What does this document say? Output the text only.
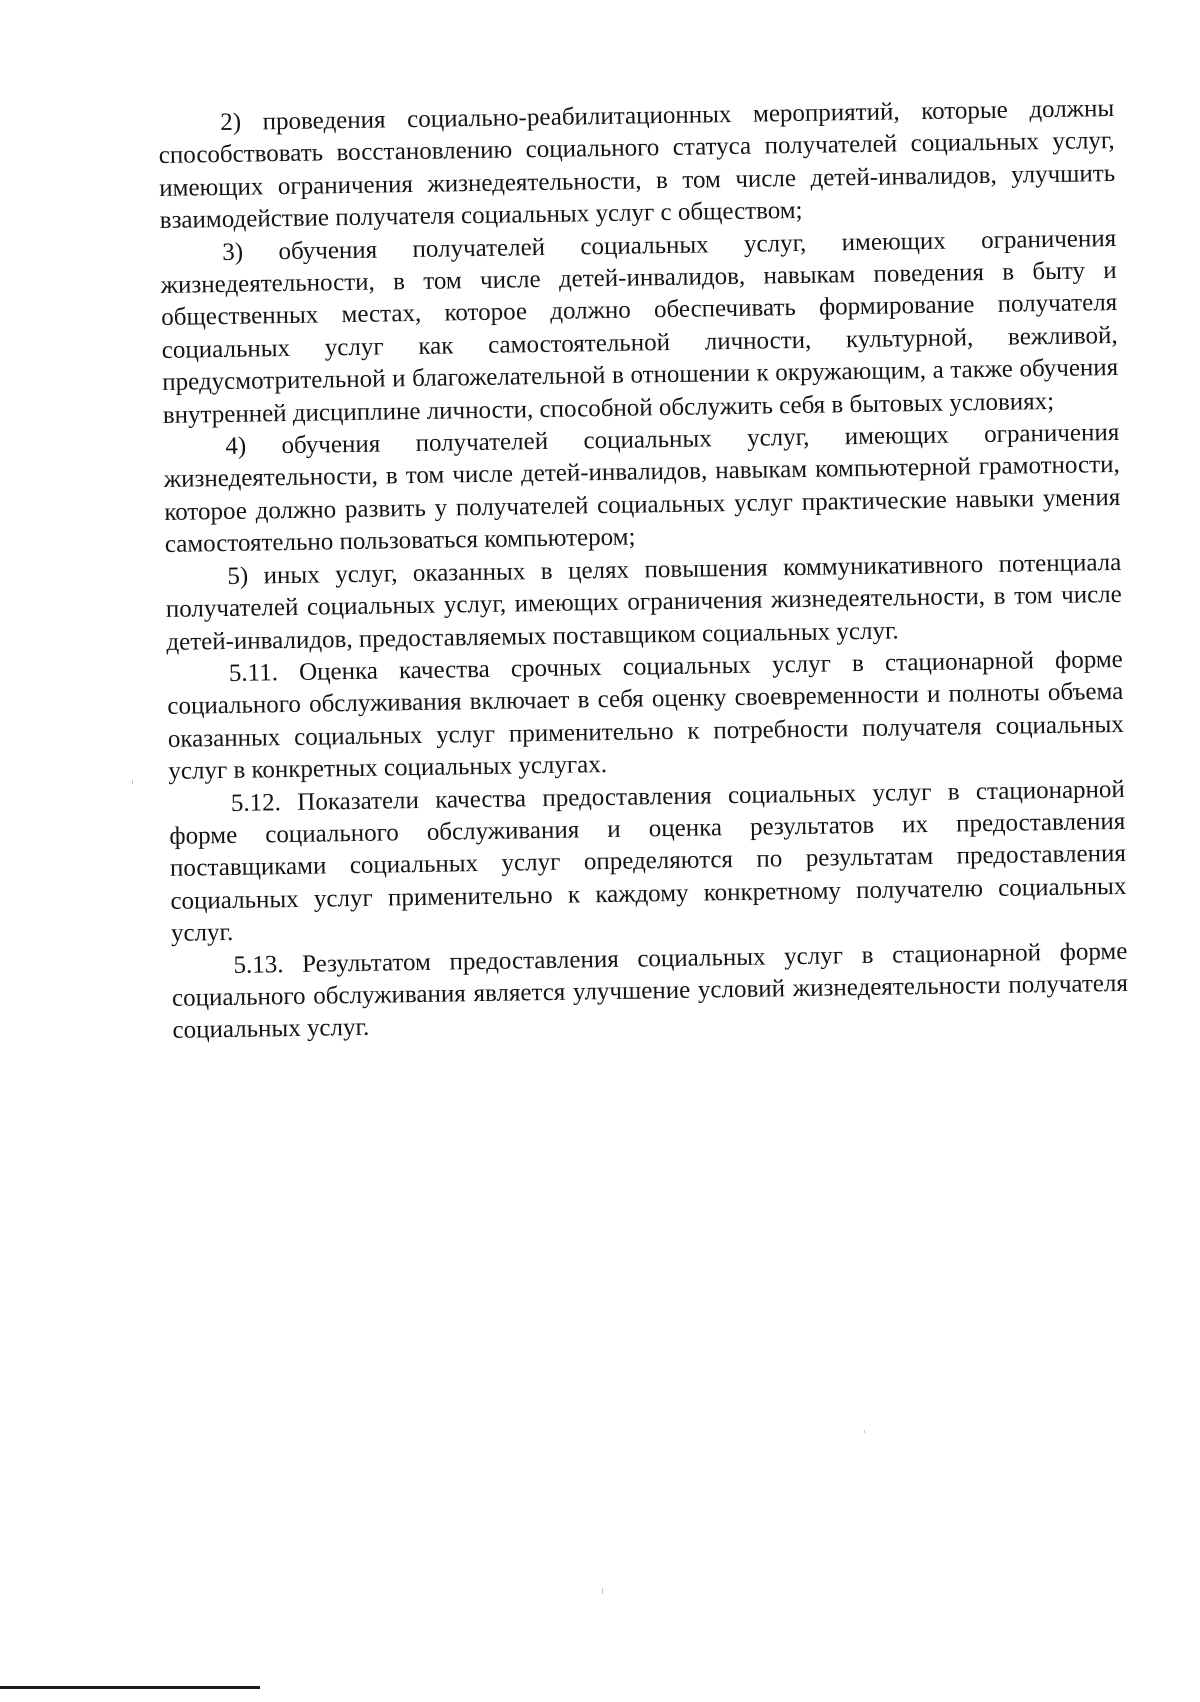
2) проведения социально-реабилитационных мероприятий, которые должны способствовать восстановлению социального статуса получателей социальных услуг, имеющих ограничения жизнедеятельности, в том числе детей-инвалидов, улучшить взаимодействие получателя социальных услуг с обществом;

3) обучения получателей социальных услуг, имеющих ограничения жизнедеятельности, в том числе детей-инвалидов, навыкам поведения в быту и общественных местах, которое должно обеспечивать формирование получателя социальных услуг как самостоятельной личности, культурной, вежливой, предусмотрительной и благожелательной в отношении к окружающим, а также обучения внутренней дисциплине личности, способной обслужить себя в бытовых условиях;

4) обучения получателей социальных услуг, имеющих ограничения жизнедеятельности, в том числе детей-инвалидов, навыкам компьютерной грамотности, которое должно развить у получателей социальных услуг практические навыки умения самостоятельно пользоваться компьютером;

5) иных услуг, оказанных в целях повышения коммуникативного потенциала получателей социальных услуг, имеющих ограничения жизнедеятельности, в том числе детей-инвалидов, предоставляемых поставщиком социальных услуг.

5.11. Оценка качества срочных социальных услуг в стационарной форме социального обслуживания включает в себя оценку своевременности и полноты объема оказанных социальных услуг применительно к потребности получателя социальных услуг в конкретных социальных услугах.

5.12. Показатели качества предоставления социальных услуг в стационарной форме социального обслуживания и оценка результатов их предоставления поставщиками социальных услуг определяются по результатам предоставления социальных услуг применительно к каждому конкретному получателю социальных услуг.

5.13. Результатом предоставления социальных услуг в стационарной форме социального обслуживания является улучшение условий жизнедеятельности получателя социальных услуг.
